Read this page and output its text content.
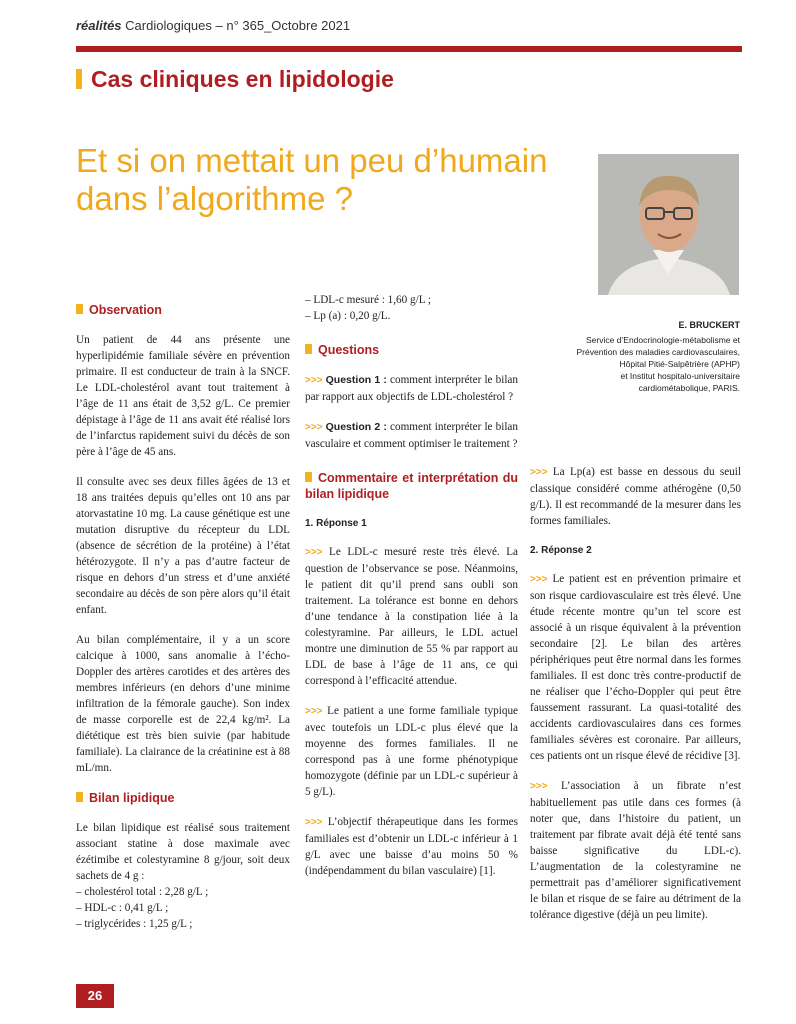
réalités Cardiologiques – n° 365_Octobre 2021
Cas cliniques en lipidologie
Et si on mettait un peu d’humain dans l’algorithme ?
E. BRUCKERT
Service d’Endocrinologie-métabolisme et
Prévention des maladies cardiovasculaires,
Hôpital Pitié-Salpêtrière (APHP)
et Institut hospitalo-universitaire
cardiométabolique, PARIS.
Observation

Un patient de 44 ans présente une hyperlipidémie familiale sévère en prévention primaire. Il est conducteur de train à la SNCF. Le LDL-cholestérol avant tout traitement à l’âge de 11 ans était de 3,52 g/L. Ce premier dépistage à l’âge de 11 ans avait été réalisé lors de l’infarctus rapidement suivi du décès de son père à l’âge de 45 ans.

Il consulte avec ses deux filles âgées de 13 et 18 ans traitées depuis qu’elles ont 10 ans par atorvastatine 10 mg. La cause génétique est une mutation disruptive du récepteur du LDL (absence de sécrétion de la protéine) à l’état hétérozygote. Il n’y a pas d’autre facteur de risque en dehors d’un stress et d’une anxiété secondaire au décès de son père alors qu’il était enfant.

Au bilan complémentaire, il y a un score calcique à 1000, sans anomalie à l’écho-Doppler des artères carotides et des artères des membres inférieurs (en dehors d’une minime infiltration de la fémorale gauche). Son index de masse corporelle est de 22,4 kg/m². La diététique est très bien suivie (par habitude familiale). La clairance de la créatinine est à 88 mL/mn.

Bilan lipidique

Le bilan lipidique est réalisé sous traitement associant statine à dose maximale avec ézétimibe et colestyramine 8 g/jour, soit deux sachets de 4 g :

– cholestérol total : 2,28 g/L ;

– HDL-c : 0,41 g/L ;

– triglycérides : 1,25 g/L ;

– LDL-c mesuré : 1,60 g/L ;

– Lp (a) : 0,20 g/L.

Questions

>>> Question 1 : comment interpréter le bilan par rapport aux objectifs de LDL-cholestérol ?

>>> Question 2 : comment interpréter le bilan vasculaire et comment optimiser le traitement ?

Commentaire et interprétation du bilan lipidique
1. Réponse 1

>>> Le LDL-c mesuré reste très élevé. La question de l’observance se pose. Néanmoins, le patient dit qu’il prend sans oubli son traitement. La tolérance est bonne en dehors d’une tendance à la constipation liée à la colestyramine. Par ailleurs, le LDL actuel montre une diminution de 55 % par rapport au LDL de base à l’âge de 11 ans, ce qui correspond à l’efficacité attendue.

>>> Le patient a une forme familiale typique avec toutefois un LDL-c plus élevé que la moyenne des formes familiales. Il ne correspond pas à une forme phénotypique homozygote (définie par un LDL-c supérieur à 5 g/L).

>>> L’objectif thérapeutique dans les formes familiales est d’obtenir un LDL-c inférieur à 1 g/L avec une baisse d’au moins 50 % (indépendamment du bilan vasculaire) [1].

>>> La Lp(a) est basse en dessous du seuil classique considéré comme athérogène (0,50 g/L). Il est recommandé de la mesurer dans les formes familiales.

2. Réponse 2

>>> Le patient est en prévention primaire et son risque cardiovasculaire est très élevé. Une étude récente montre qu’un tel score est associé à un risque équivalent à la prévention secondaire [2]. Le bilan des artères périphériques peut être normal dans les formes familiales. Il est donc très contre-productif de ne réaliser que l’écho-Doppler qui peut être faussement rassurant. La quasi-totalité des accidents cardiovasculaires dans ces formes familiales sévères est coronaire. Par ailleurs, ces patients ont un risque élevé de récidive [3].

>>> L’association à un fibrate n’est habituellement pas utile dans ces formes (à noter que, dans l’histoire du patient, un traitement par fibrate avait déjà été tenté sans baisse significative du LDL-c). L’augmentation de la colestyramine ne permettrait pas d’améliorer significativement le bilan et risque de se faire au détriment de la tolérance digestive (déjà un peu limite).

26
